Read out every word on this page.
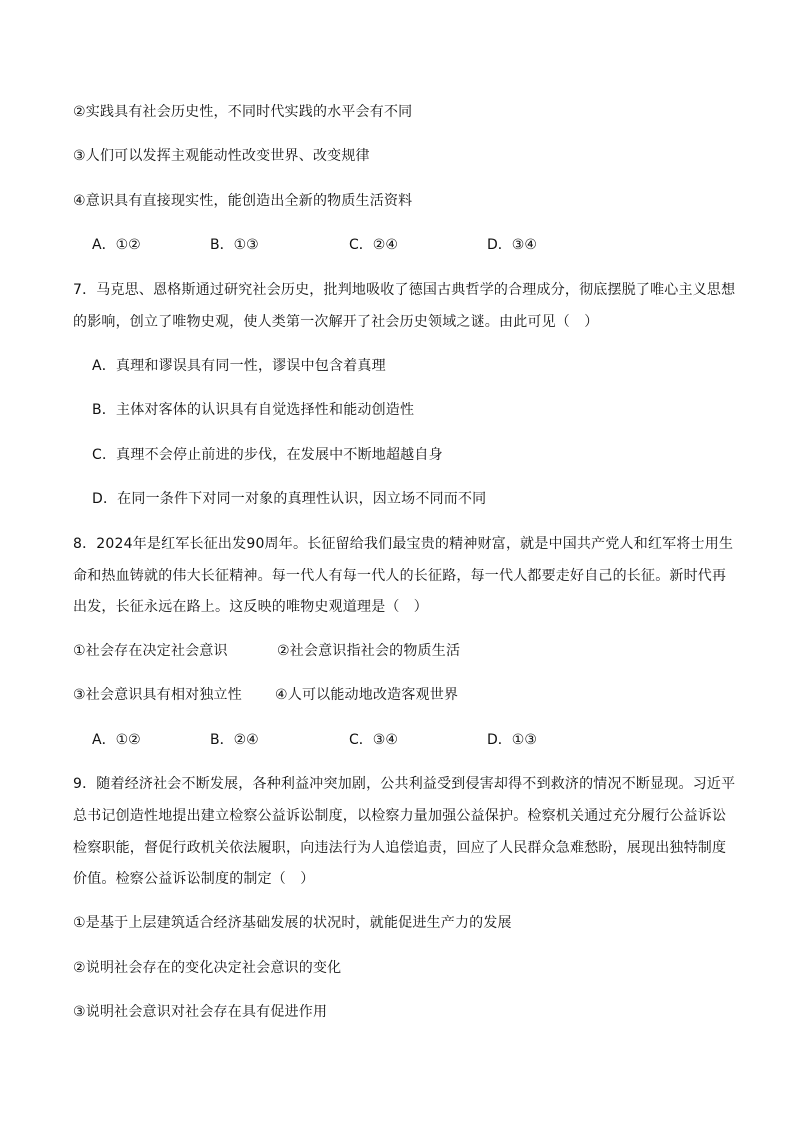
②实践具有社会历史性，不同时代实践的水平会有不同
③人们可以发挥主观能动性改变世界、改变规律
④意识具有直接现实性，能创造出全新的物质生活资料
A．①②	B．①③	C．②④	D．③④
7．马克思、恩格斯通过研究社会历史，批判地吸收了德国古典哲学的合理成分，彻底摆脱了唯心主义思想
的影响，创立了唯物史观，使人类第一次解开了社会历史领域之谜。由此可见（　）
A．真理和谬误具有同一性，谬误中包含着真理
B．主体对客体的认识具有自觉选择性和能动创造性
C．真理不会停止前进的步伐，在发展中不断地超越自身
D．在同一条件下对同一对象的真理性认识，因立场不同而不同
8．2024年是红军长征出发90周年。长征留给我们最宝贵的精神财富，就是中国共产党人和红军将士用生
命和热血铸就的伟大长征精神。每一代人有每一代人的长征路，每一代人都要走好自己的长征。新时代再
出发，长征永远在路上。这反映的唯物史观道理是（　）
①社会存在决定社会意识	②社会意识指社会的物质生活
③社会意识具有相对独立性 ④人可以能动地改造客观世界
A．①②	B．②④	C．③④	D．①③
9．随着经济社会不断发展，各种利益冲突加剧，公共利益受到侵害却得不到救济的情况不断显现。习近平
总书记创造性地提出建立检察公益诉讼制度，以检察力量加强公益保护。检察机关通过充分履行公益诉讼
检察职能，督促行政机关依法履职，向违法行为人追偿追责，回应了人民群众急难愁盼，展现出独特制度
价值。检察公益诉讼制度的制定（　）
①是基于上层建筑适合经济基础发展的状况时，就能促进生产力的发展
②说明社会存在的变化决定社会意识的变化
③说明社会意识对社会存在具有促进作用
